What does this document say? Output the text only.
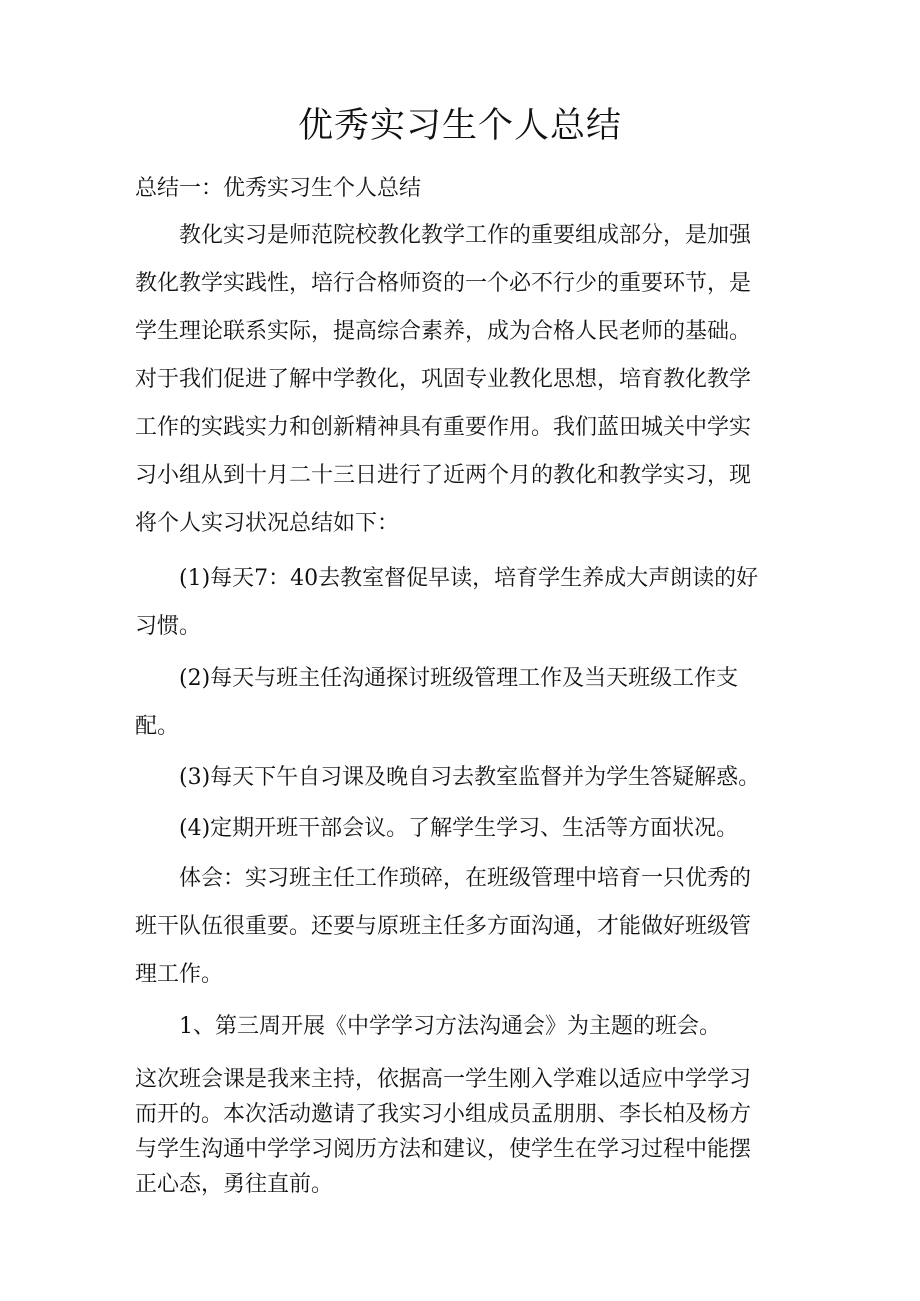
优秀实习生个人总结

总结一：优秀实习生个人总结

　　教化实习是师范院校教化教学工作的重要组成部分，是加强
教化教学实践性，培行合格师资的一个必不行少的重要环节，是
学生理论联系实际，提高综合素养，成为合格人民老师的基础。
对于我们促进了解中学教化，巩固专业教化思想，培育教化教学
工作的实践实力和创新精神具有重要作用。我们蓝田城关中学实
习小组从到十月二十三日进行了近两个月的教化和教学实习，现
将个人实习状况总结如下：

　　(1)每天7：40去教室督促早读，培育学生养成大声朗读的好
习惯。

　　(2)每天与班主任沟通探讨班级管理工作及当天班级工作支
配。

　　(3)每天下午自习课及晚自习去教室监督并为学生答疑解惑。

　　(4)定期开班干部会议。了解学生学习、生活等方面状况。

　　体会：实习班主任工作琐碎，在班级管理中培育一只优秀的
班干队伍很重要。还要与原班主任多方面沟通，才能做好班级管
理工作。

　　1、第三周开展《中学学习方法沟通会》为主题的班会。

这次班会课是我来主持，依据高一学生刚入学难以适应中学学习
而开的。本次活动邀请了我实习小组成员孟朋朋、李长柏及杨方
与学生沟通中学学习阅历方法和建议，使学生在学习过程中能摆
正心态，勇往直前。
